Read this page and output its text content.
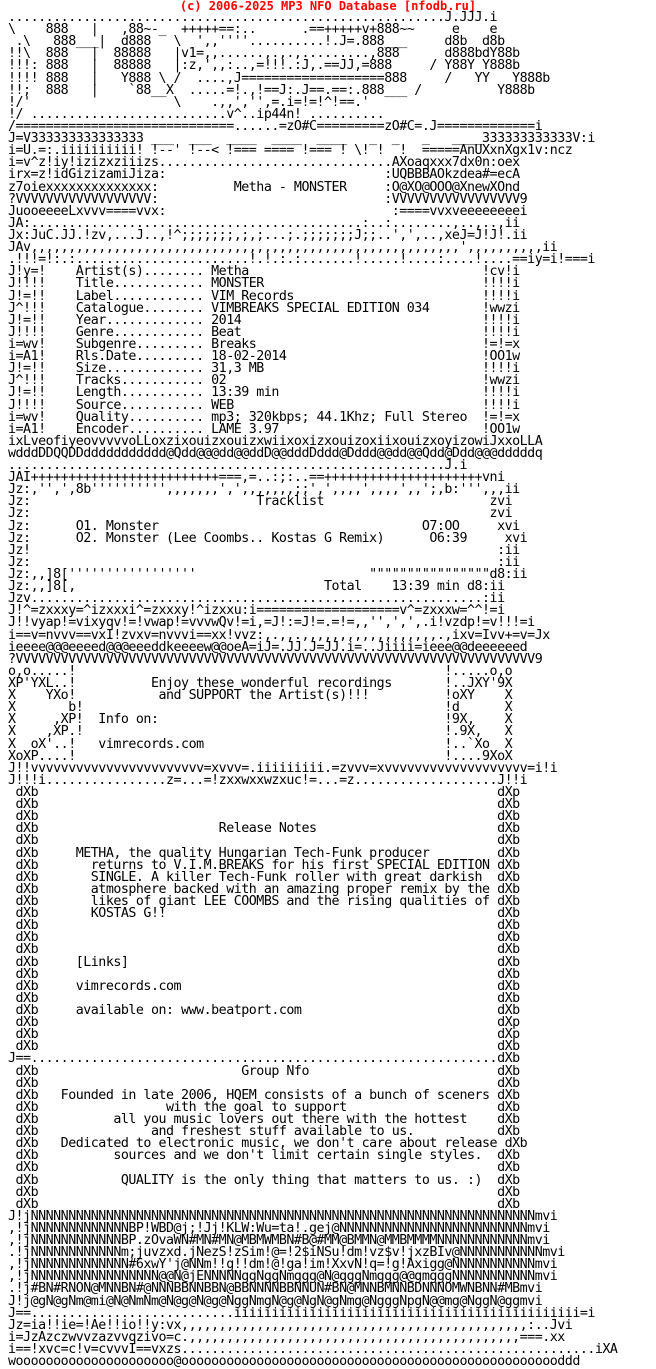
(c) 2006-2025 MP3 NFO Database [nfodb.ru]
..........................................................J.JJJ.i
\    888   |   ,88~-_  +++++==:..      .==+++++v+888~~     e    e
.\   888___|  d888   \  ',,''''..........!.J=.888___     d8b  d8b
!!\  888   |  88888   |v1=,,......,.,.,.........,888      d888bdY88b
!!!: 888   |  88888   |:z,',,:..,=!!!.:J,.==JJ,=888     / Y88Y Y888b
!!!! 888   |   Y888 \ /  ....,J===================888     /   YY   Y888b
!!;  888   |    `88__X  .....=!.,!==J:.J==.==:.888___ /          Y888b
!/'                   \    .,,','',=.i=!=!^!==.'
!/ ..........................v^..ip44n! ..........
/=============================......=zO#C=========zO#C=.J=============i
J=V333333333333333 ___  ___  ____  ____  ____   _  _   _   ____333333333333V:i
i=U.=:.iiiiiiiiii! !--' !--< !=== ==== !=== ! \! !  !  =====AnUXxnXgx1v:ncz
i=v^z!iy!izizxziiizs...............................AXoaqxxx7dx0n:oex
irx=z!idGizizamiJiza:                             :UQBBBAOkzdea#=ecA
z7oiexxxxxxxxxxxxxx:          Metha - MONSTER     :O@XO@OOO@XnewXOnd
?VVVVVVVVVVVVVVVVVV:                              :VVVVVVVVVVVVVVVVV9
JuooeeeeLxvvv====vvx:                              :====vvxveeeeeeeei
JA:............................................:..:........,..,..,ii
Jx:JuC.JJ.!zv,...J..,!^;;;;;;;,;,;...;.;;;;;;;J;;..',',..,xeJ=J!J!.ii
JAv,,,,,,,,,,,,,,,,,,,,,,,,,,,,,,,,,,,,,,,,,,,,,,,,,,,,,,,,,',,,,,,,,,,ii
.!!!=!:.:.......................!.!.:.:.......!.....!....:....!....==iy=i!===i
J!y=!    Artist(s)........ Metha                               !cv!i
J!!!!    Title............ MONSTER                             !!!!i
J!=!!    Label............ VIM Records                         !!!!i
J^!!!    Catalogue........ VIMBREAKS SPECIAL EDITION 034       !wwzi
J!=!!    Year............. 2014                                !!!!i
J!!!!    Genre............ Beat                                !!!!i
i=wv!    Subgenre......... Breaks                              !=!=x
i=A1!    Rls.Date......... 18-02-2014                          !OO1w
J!=!!    Size............. 31,3 MB                             !!!!i
J^!!!    Tracks........... 02                                  !wwzi
J!=!!    Length........... 13:39 min                           !!!!i
J!!!!    Source........... WEB                                 !!!!i
i=wv!    Quality.......... mp3; 320kbps; 44.1Khz; Full Stereo  !=!=x
i=A1!    Encoder.......... LAME 3.97                           !OO1w
ixLveofiyeovvvvvoLLoxzixouizxouizxwiixoxizxouizoxiixouizxoyizowiJxxoLLA
wdddDDQQDDddddddddddd@Qdd@@@dd@@ddD@@dddDddd@Dddd@@dd@@Qdd@Ddd@@@dddddq
..........................................................J.i
JAI+++++++++++++++++++++++++===,=..:;:..==+++++++++++++++++++++vni
Jz:,'',',8b'''''''''',,,,,,,',',,,,,,,;;',',,,,',,,,',,';,b:''',,,ii
Jz:                              Tracklist                      zvi
Jz:                                                             zvi
Jz:      O1. Monster                                   O7:OO     xvi
Jz:      O2. Monster (Lee Coombs.. Kostas G Remix)      O6:39     xvi
Jz!                                                              :ii
Jz:                                                              :ii
Jz:,,]8['''''''''''''''''                       """"""""""""""""d8:ii
Jz:,,]8[,                                 Total    13:39 min d8:ii
Jzv............................................................:ii
J!^=zxxxy=^izxxxi^=zxxxy!^izxxu:i===================v^=zxxxw=^^!=i
J!!vyap!=vixyqv!=!vwap!=vvvwQv!=i,=J!:=J!=.=!=,,'',',',.i!vzdp!=v!!!=i
i==v=nvvv==vxI!zvxv=nvvvi==xx!vvz:,.,,.,,,,,,,,,,,,,,,,,,.,ixv=Ivv+=v=Jx
ieeee@@@eeeed@@@eeeddkeeeew@@oeA=iJ=.JJ.J=JJ.i=..Jiiii=ieee@@deeeeeed
?VVVVVVVVVVVVVVVVVVVVVVVVVVVVVVVVVVVVVVVVVVVVVVVVVVVVVVVVVVVVVVVVVVVVV9
o,o.....!                                                 !.....o,o
XP'YXL..!          Enjoy these wonderful recordings       !..JXY'9X
X    YXo!           and SUPPORT the Artist(s)!!!          !oXY    X
X       b!                                                !d      X
X     ,XP!  Info on:                                      !9X,    X
X    ,XP.!                                                !.9X,   X
X  oX'..!   vimrecords.com                                !..`Xo  X
XoXP....!                                                 !....9XoX
J!!vvvvvvvvvvvvvvvvvvvvvvv=xvvv=.iiiiiiiii.=zvvv=xvvvvvvvvvvvvvvvvvvv=i!i
J!!!i................z=...=!zxxwxxwzxuc!=...=z...................J!!i
dXb                                                             dXp
dXb                                                             dXb
dXb                                                             dXb
dXb                        Release Notes                        dXb
dXb                                                             dXb
dXb     METHA, the quality Hungarian Tech-Funk producer         dXb
dXb       returns to V.I.M.BREAKS for his first SPECIAL EDITION dXb
dXb       SINGLE. A killer Tech-Funk roller with great darkish  dXb
dXb       atmosphere backed with an amazing proper remix by the dXb
dXb       likes of giant LEE COOMBS and the rising qualities of dXb
dXb       KOSTAS G!!                                            dXb
dXb                                                             dXb
dXb                                                             dXb
dXb                                                             dXb
dXb     [Links]                                                 dXb
dXb                                                             dXb
dXb     vimrecords.com                                          dXb
dXb                                                             dXb
dXb     available on: www.beatport.com                          dXb
dXb                                                             dXp
dXb                                                             dXp
dXb                                                             dXb
J==..............................................................dXb
dXb                           Group Nfo                         dXb
dXb                                                             dXb
dXb   Founded in late 2006, HQEM consists of a bunch of sceners dXb
dXb                 with the goal to support                    dXb
dXb          all you music lovers out there with the hottest    dXb
dXb               and freshest stuff available to us.           dXb
dXb   Dedicated to electronic music, we don't care about release dXb
dXb          sources and we don't limit certain single styles.  dXb
dXb                                                             dXb
dXb           QUALITY is the only thing that matters to us. :)  dXb
dXb                                                             dXb
dXb                                                             dXb
J!jNNNNNNNNNNNNNNNNNNNNNNNNNNNNNNNNNNNNNNNNNNNNNNNNNNNNNNNNNNNNNNNNNNNmvi
,!jNNNNNNNNNNNNNBP!WBD@j;!Jj!KLW:Wu=ta!.gej@NNNNNNNNNNNNNNNNNNNNNNNNNmvi
,!jNNNNNNNNNNNNBP.zOvaWN#MN#MN@MBMWMBN#B@#MM@BMMN@MMBMMMMNNNNNNNNNNNNmvi
.!jNNNNNNNNNNNNm;juvzxd.jNezS!zSim!@=!2$iNSu!dm!vz$v!jxzBIv@NNNNNNNNNNNmvi
,!jNNNNNNNNNNNNN#6xwY'j@NNm!!g!!dm!@!ga!im!XxvN!q=!g!Axigg@NNNNNNNNNNNmvi
,!jNNNNNNNNNNNNNNNNN@@N@jENNNNNggNggNmggg@N@gggNmggg@@gmgggNNNNNNNNNNNmvi
.!j#BN#RNON@MNNBN#@NNNBBNNBBN@BBNNNNBBNNUN#BN@MNNBMNNBDNNNOMWNBNN#MBmvi
J!j@gN@gNm@mi@N@NmNm@N@g@N@g@NggNmgN@g@NgN@gNmg@NgggNpgN@@mg@NggN@ggmvi
J==...........................iiiiiiiiiiiiiiiiiiiiiiiiiiiiiiiiiiiiiiiiiiiiii=i
Jz=ia!!ie=!Ae!!io!!y:vx,,,,,,,,,,,,,,,,,,,,,,,,,,,,,,,,,,,,,,,,,,,,,,:..Jvi
i=JzAzczwvvzazvvqzivo=c.,,,,,,,,,,,,,,,,,,,,,,,,,,,,,,,,,,,,,,,,,,,,===.xx
i==!xvc=c!v=cvvvI==vxzs.......................................................iXA
wooooooooooooooooooooo@ooooooooooooooooooooooooooooooooooooooooooooooooooddd
